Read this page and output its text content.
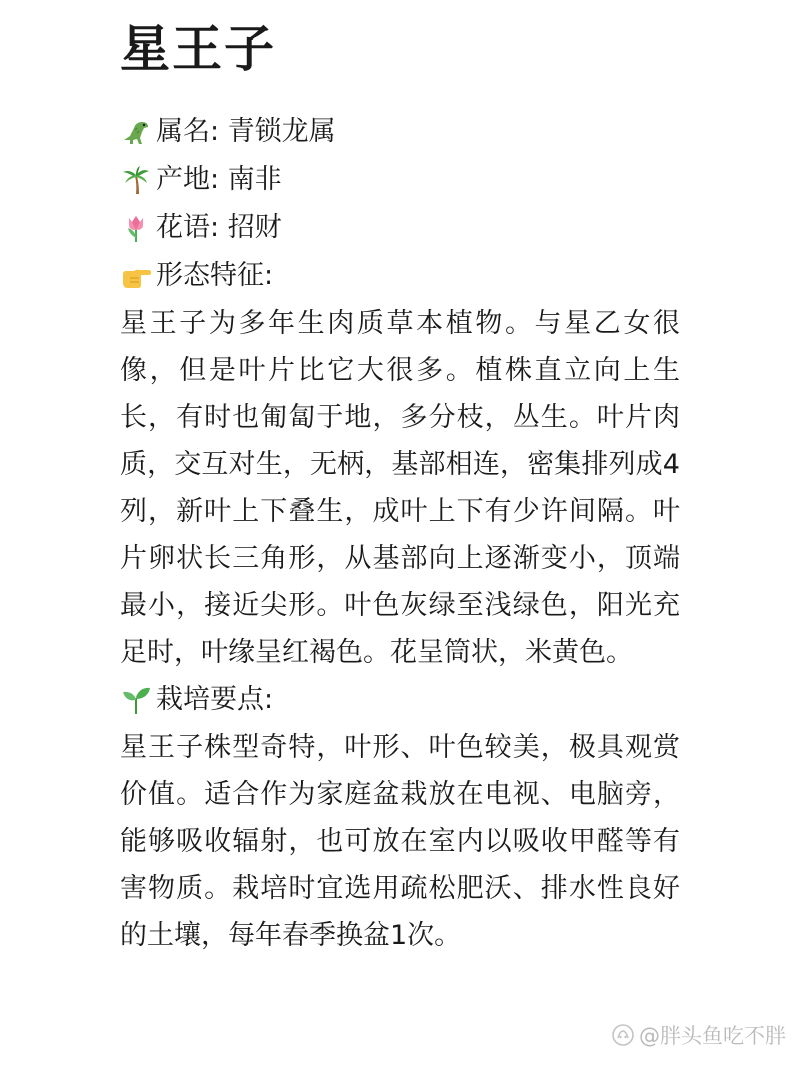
星王子
属名 : 青锁龙属
产地 : 南非
花语 : 招财
形态特征:

星王子为多年生肉质草本植物。与星乙女很像，但是叶片比它大很多。植株直立向上生长，有时也匍匐于地，多分枝，丛生。叶片肉质，交互对生，无柄，基部相连，密集排列成4列，新叶上下叠生，成叶上下有少许间隔。叶片卵状长三角形，从基部向上逐渐变小，顶端最小，接近尖形。叶色灰绿至浅绿色，阳光充足时，叶缘呈红褐色。花呈筒状，米黄色。

栽培要点:

星王子株型奇特，叶形、叶色较美，极具观赏价值。适合作为家庭盆栽放在电视、电脑旁，能够吸收辐射，也可放在室内以吸收甲醛等有害物质。栽培时宜选用疏松肥沃、排水性良好的土壤，每年春季换盆1次。

@胖头鱼吃不胖
